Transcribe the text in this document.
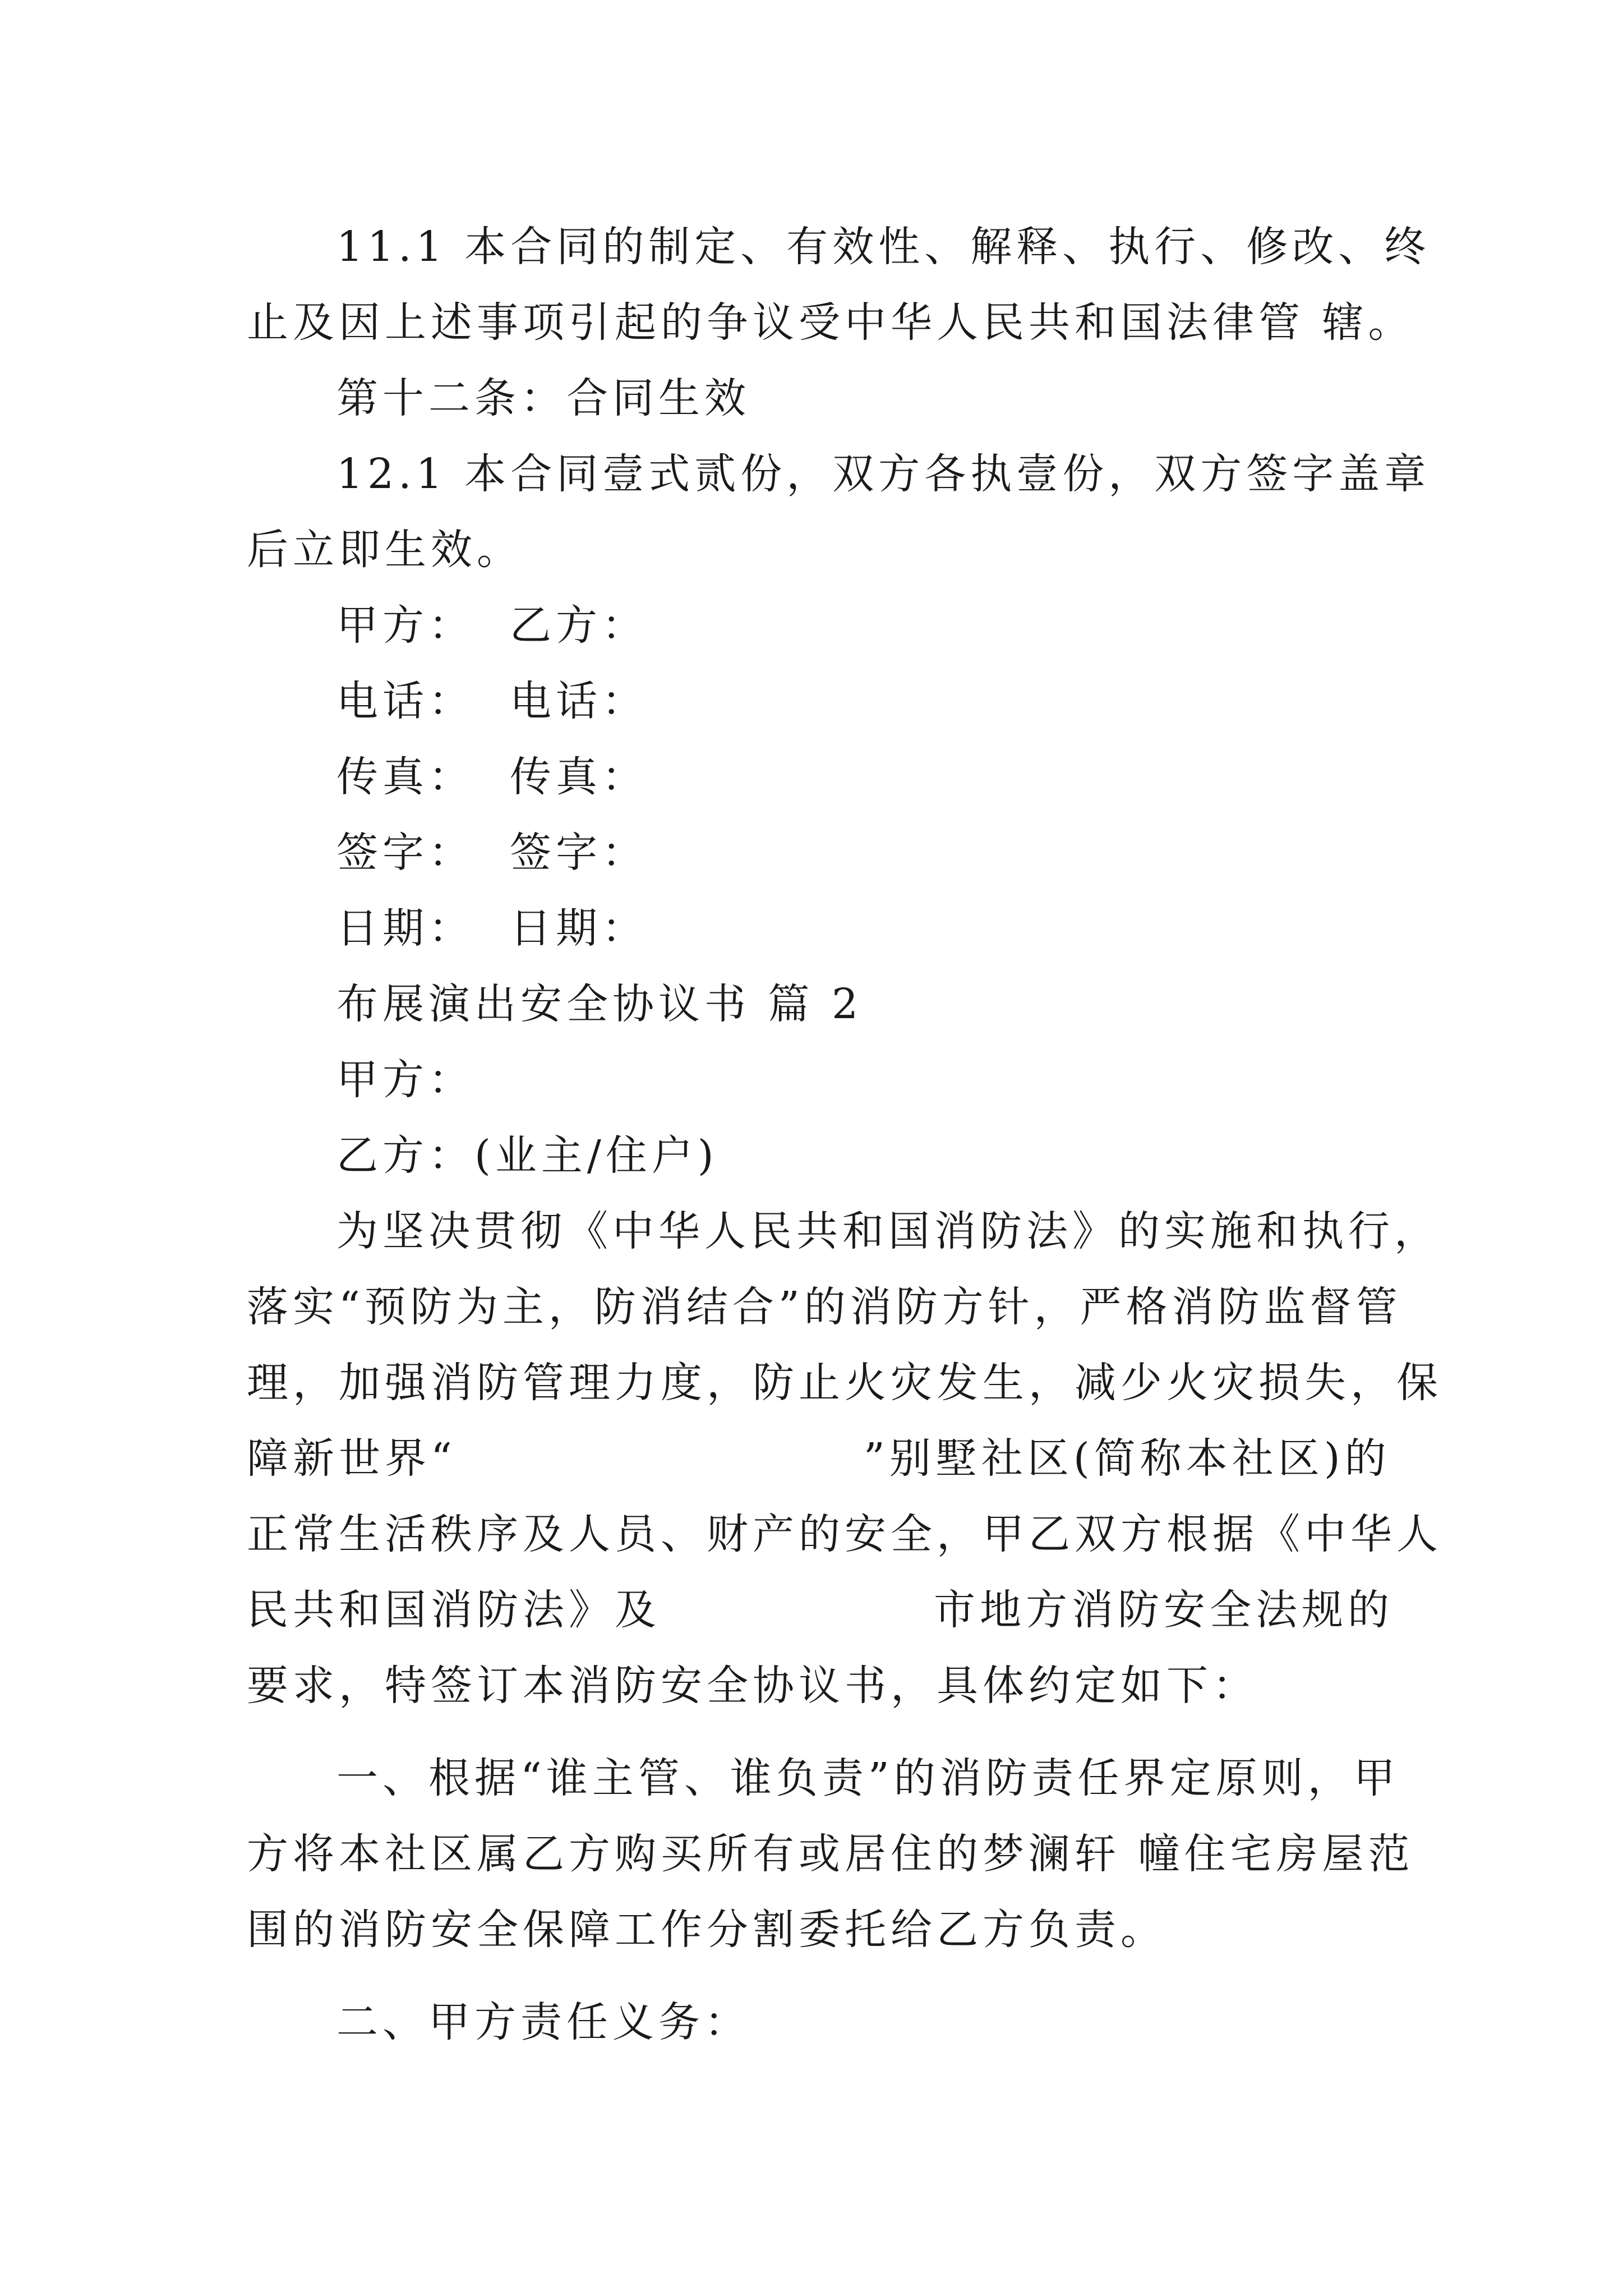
11.1 本合同的制定、有效性、解释、执行、修改、终
止及因上述事项引起的争议受中华人民共和国法律管 辖。
第十二条：合同生效
12.1 本合同壹式贰份，双方各执壹份，双方签字盖章
后立即生效。
甲方：  乙方：
电话：  电话：
传真：  传真：
签字：  签字：
日期：  日期：
布展演出安全协议书 篇 2
甲方：
乙方：(业主/住户)
为坚决贯彻《中华人民共和国消防法》的实施和执行，
落实“预防为主，防消结合”的消防方针，严格消防监督管
理，加强消防管理力度，防止火灾发生，减少火灾损失，保
障新世界“	”别墅社区(简称本社区)的
正常生活秩序及人员、财产的安全，甲乙双方根据《中华人
民共和国消防法》及	市地方消防安全法规的
要求，特签订本消防安全协议书，具体约定如下：
一、根据“谁主管、谁负责”的消防责任界定原则，甲
方将本社区属乙方购买所有或居住的梦澜轩 幢住宅房屋范
围的消防安全保障工作分割委托给乙方负责。
二、甲方责任义务：
